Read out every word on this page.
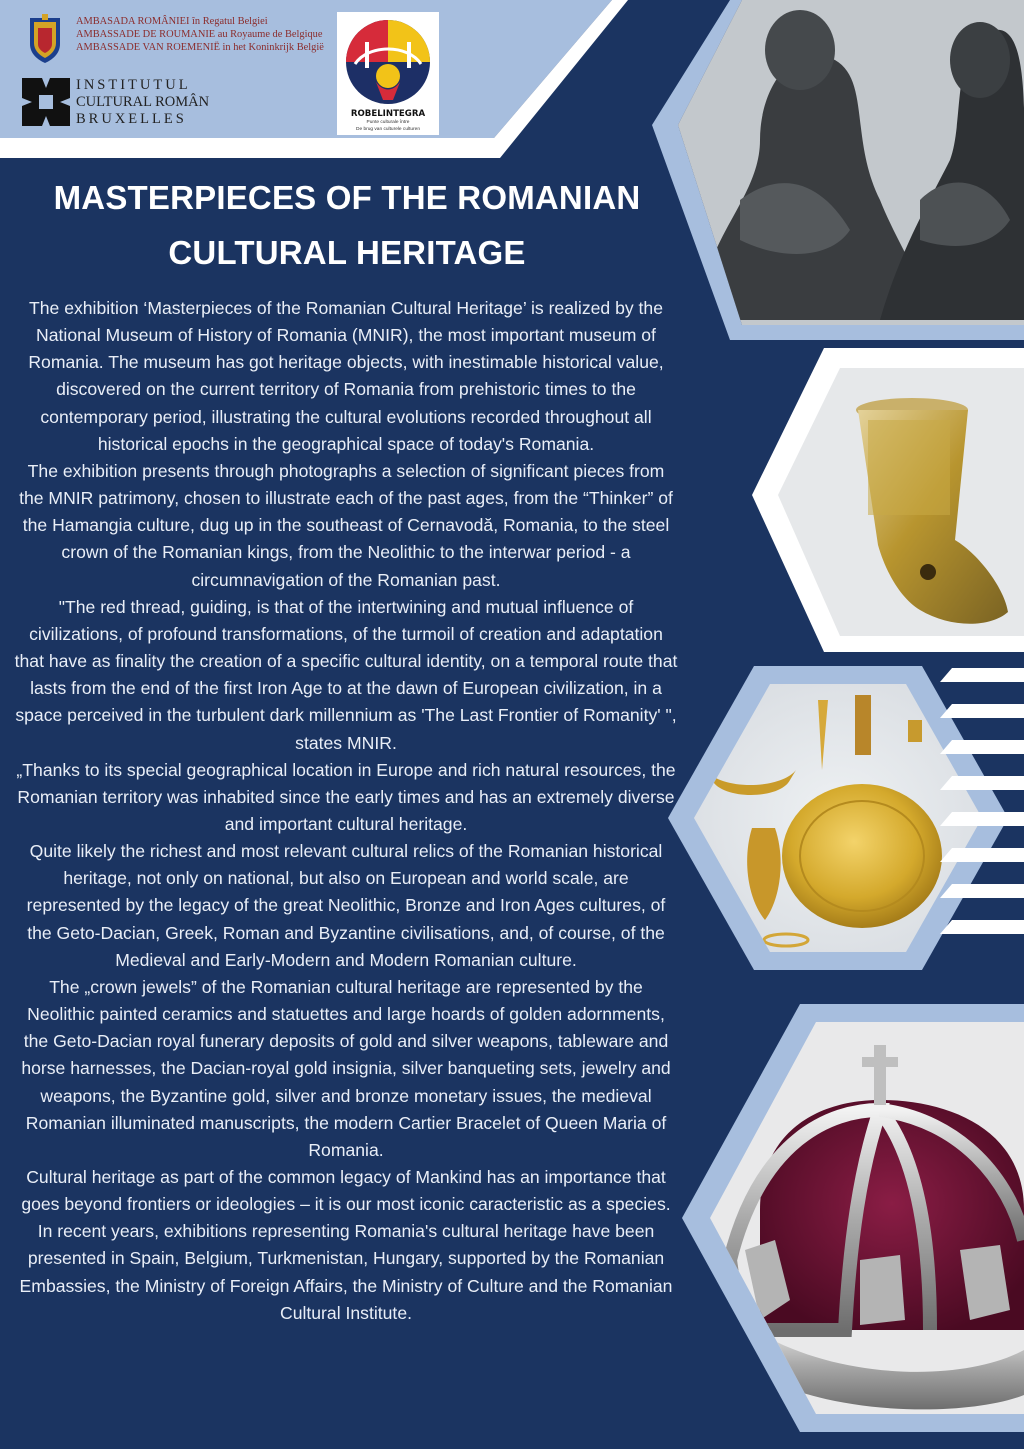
AMBASADA ROMÂNIEI în Regatul Belgiei
AMBASSADE DE ROUMANIE au Royaume de Belgique
AMBASSADE VAN ROEMENIË in het Koninkrijk België
INSTITUTUL
CULTURAL ROMÂN
BRUXELLES	ROBELINTEGRA
Punte culturale între
De brug van culturele culturen
MASTERPIECES OF THE ROMANIAN
CULTURAL HERITAGE

The exhibition ‘Masterpieces of the Romanian Cultural Heritage’ is realized by the National Museum of History of Romania (MNIR), the most important museum of Romania. The museum has got heritage objects, with inestimable historical value, discovered on the current territory of Romania from prehistoric times to the contemporary period, illustrating the cultural evolutions recorded throughout all historical epochs in the geographical space of today's Romania.

The exhibition presents through photographs a selection of significant pieces from the MNIR patrimony, chosen to illustrate each of the past ages, from the “Thinker” of the Hamangia culture, dug up in the southeast of Cernavodă, Romania, to the steel crown of the Romanian kings, from the Neolithic to the interwar period - a circumnavigation of the Romanian past.

"The red thread, guiding, is that of the intertwining and mutual influence of civilizations, of profound transformations, of the turmoil of creation and adaptation that have as finality the creation of a specific cultural identity, on a temporal route that lasts from the end of the first Iron Age to at the dawn of European civilization, in a space perceived in the turbulent dark millennium as 'The Last Frontier of Romanity' ", states MNIR.

„Thanks to its special geographical location in Europe and rich natural resources, the Romanian territory was inhabited since the early times and has an extremely diverse and important cultural heritage.

Quite likely the richest and most relevant cultural relics of the Romanian historical heritage, not only on national, but also on European and world scale, are represented by the legacy of the great Neolithic, Bronze and Iron Ages cultures, of the Geto-Dacian, Greek, Roman and Byzantine civilisations, and, of course, of the Medieval and Early-Modern and Modern Romanian culture.

The „crown jewels” of the Romanian cultural heritage are represented by the Neolithic painted ceramics and statuettes and large hoards of golden adornments, the Geto-Dacian royal funerary deposits of gold and silver weapons, tableware and horse harnesses, the Dacian-royal gold insignia, silver banqueting sets, jewelry and weapons, the Byzantine gold, silver and bronze monetary issues, the medieval Romanian illuminated manuscripts, the modern Cartier Bracelet of Queen Maria of Romania.

Cultural heritage as part of the common legacy of Mankind has an importance that goes beyond frontiers or ideologies – it is our most iconic caracteristic as a species.

In recent years, exhibitions representing Romania's cultural heritage have been presented in Spain, Belgium, Turkmenistan, Hungary, supported by the Romanian Embassies, the Ministry of Foreign Affairs, the Ministry of Culture and the Romanian Cultural Institute.
